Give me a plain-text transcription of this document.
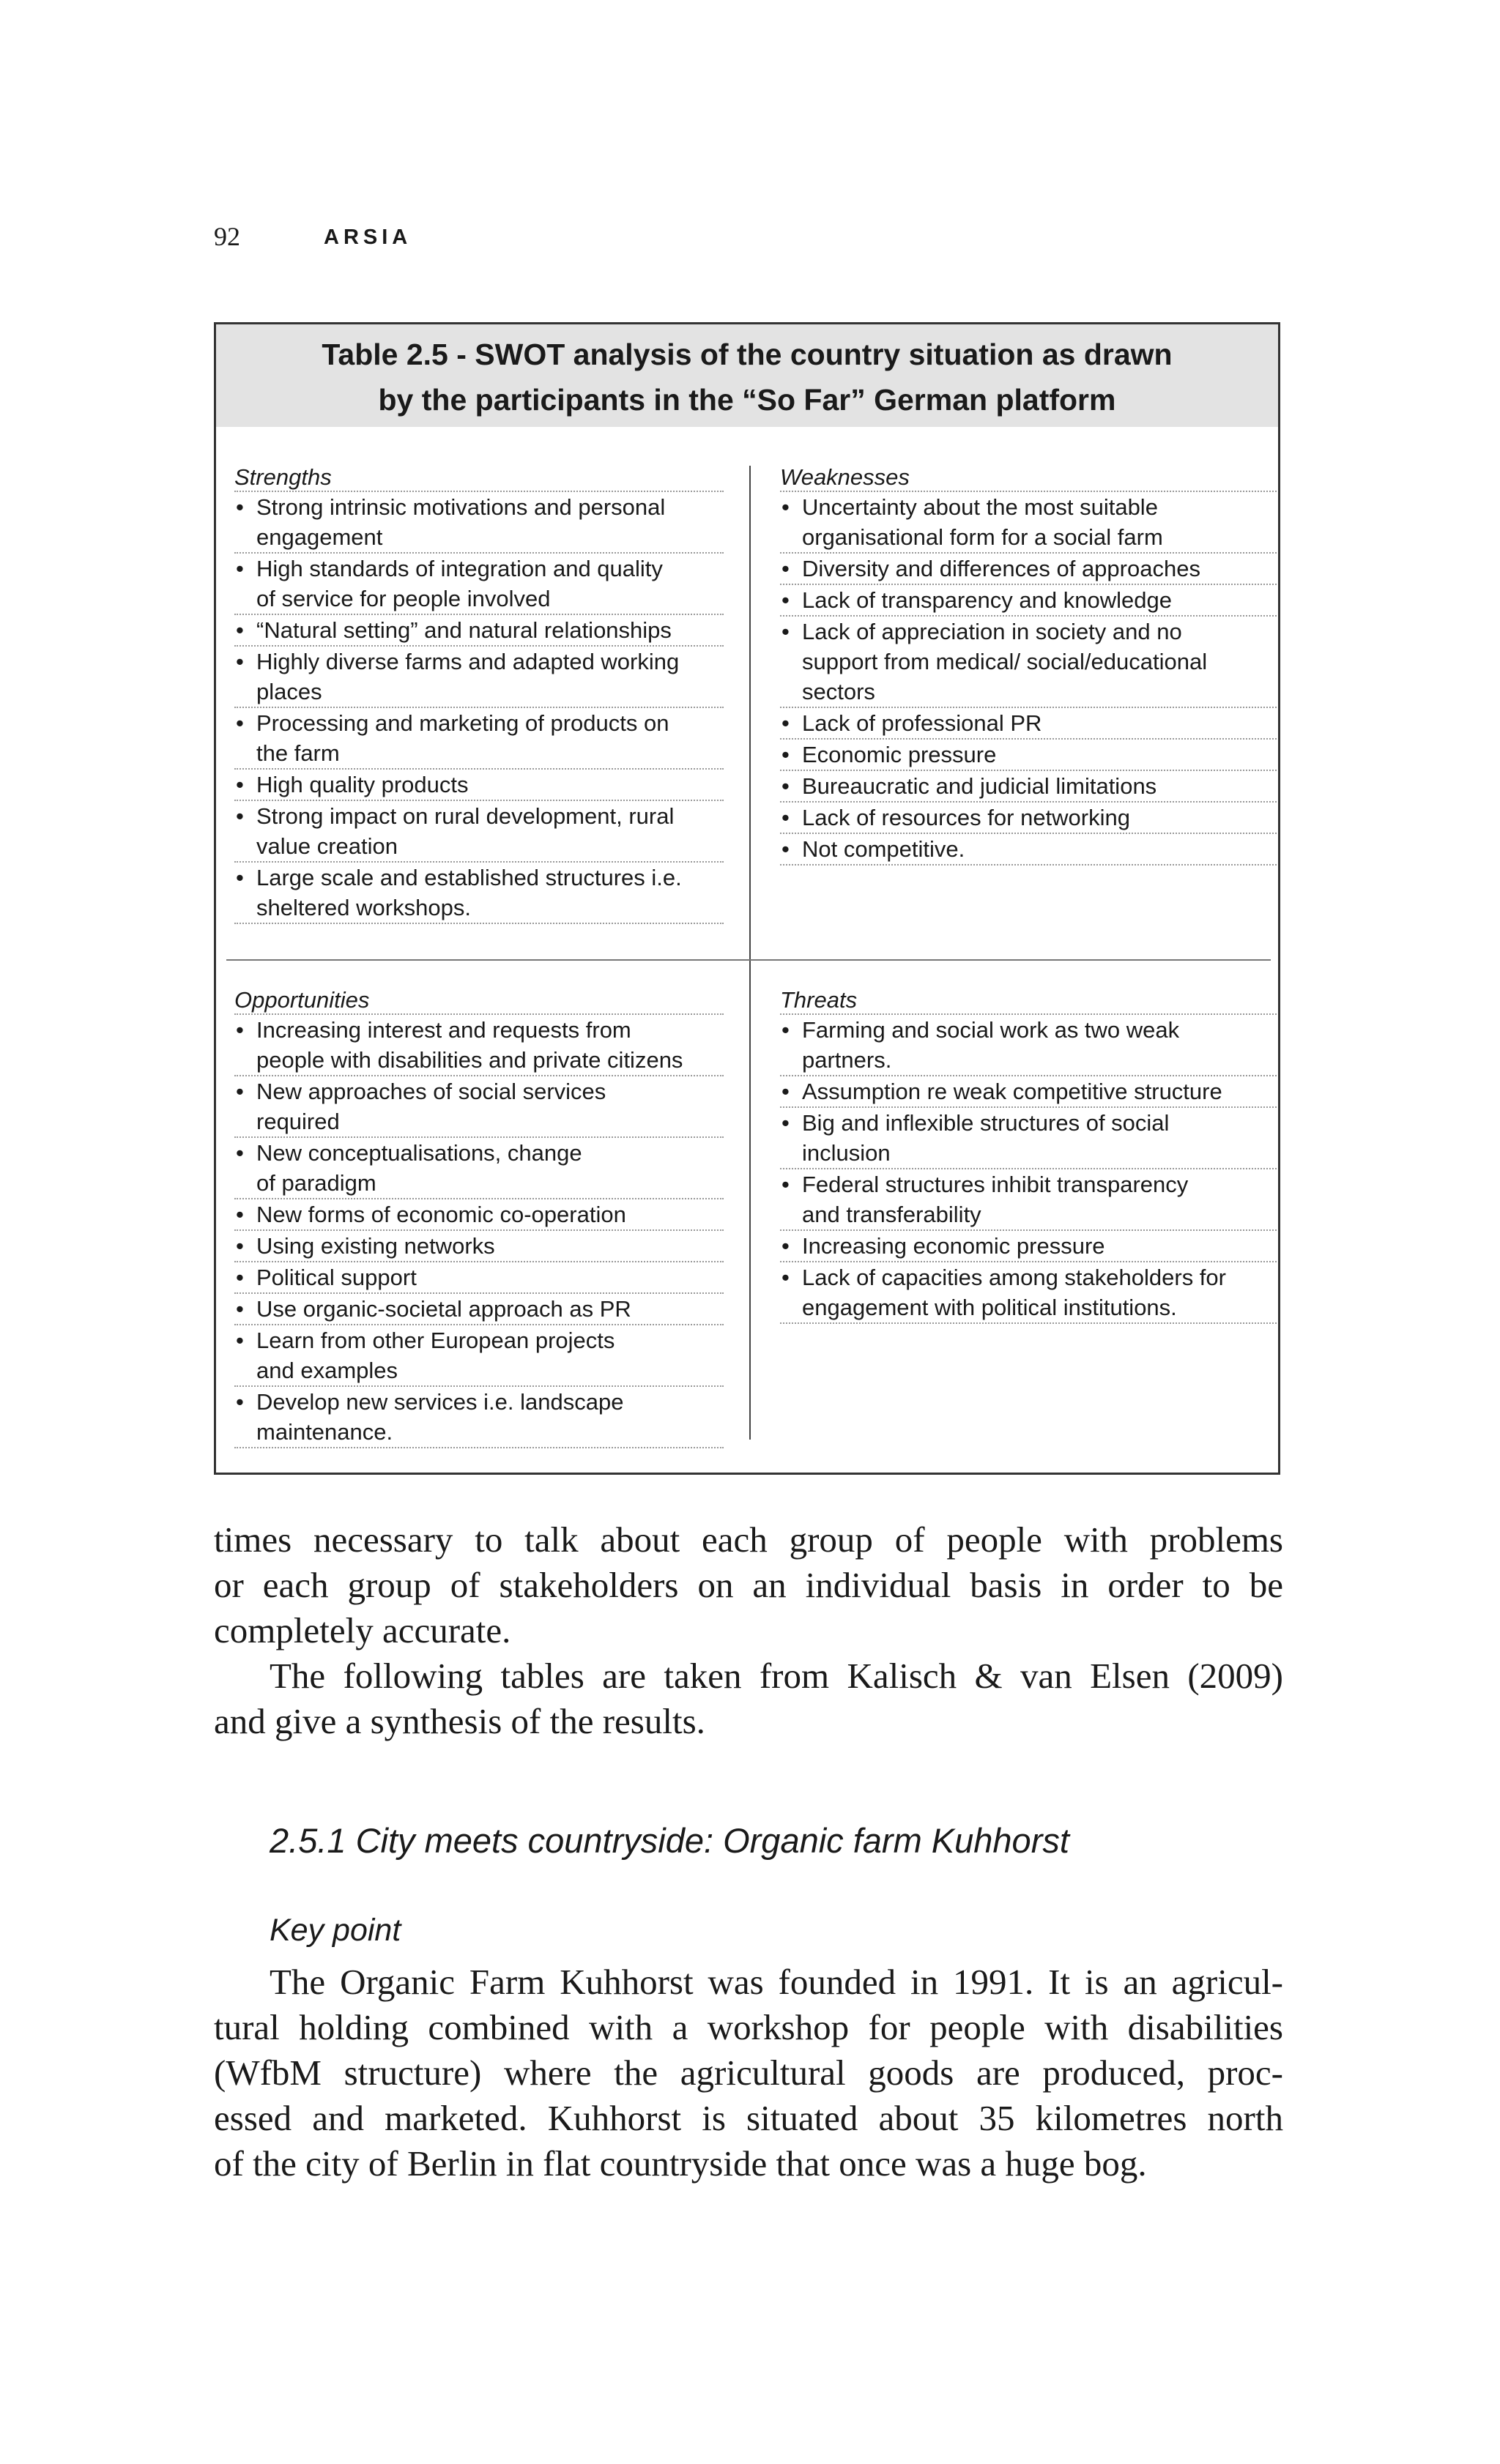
92	ARSIA
Table 2.5 - SWOT analysis of the country situation as drawn
by the participants in the “So Far” German platform
Strengths
• Strong intrinsic motivations and personal
engagement
• High standards of integration and quality
of service for people involved
• “Natural setting” and natural relationships
• Highly diverse farms and adapted working
places
• Processing and marketing of products on
the farm
• High quality products
• Strong impact on rural development, rural
value creation
• Large scale and established structures i.e.
sheltered workshops.
Weaknesses
• Uncertainty about the most suitable
organisational form for a social farm
• Diversity and differences of approaches
• Lack of transparency and knowledge
• Lack of appreciation in society and no
support from medical/ social/educational
sectors
• Lack of professional PR
• Economic pressure
• Bureaucratic and judicial limitations
• Lack of resources for networking
• Not competitive.
Opportunities
• Increasing interest and requests from
people with disabilities and private citizens
• New approaches of social services
required
• New conceptualisations, change
of paradigm
• New forms of economic co-operation
• Using existing networks
• Political support
• Use organic-societal approach as PR
• Learn from other European projects
and examples
• Develop new services i.e. landscape
maintenance.
Threats
• Farming and social work as two weak
partners.
• Assumption re weak competitive structure
• Big and inflexible structures of social
inclusion
• Federal structures inhibit transparency
and transferability
• Increasing economic pressure
• Lack of capacities among stakeholders for
engagement with political institutions.
times necessary to talk about each group of people with problems
or each group of stakeholders on an individual basis in order to be
completely accurate.
The following tables are taken from Kalisch & van Elsen (2009)
and give a synthesis of the results.
2.5.1 City meets countryside: Organic farm Kuhhorst
Key point
The Organic Farm Kuhhorst was founded in 1991. It is an agricul-
tural holding combined with a workshop for people with disabilities
(WfbM structure) where the agricultural goods are produced, proc-
essed and marketed. Kuhhorst is situated about 35 kilometres north
of the city of Berlin in flat countryside that once was a huge bog.
